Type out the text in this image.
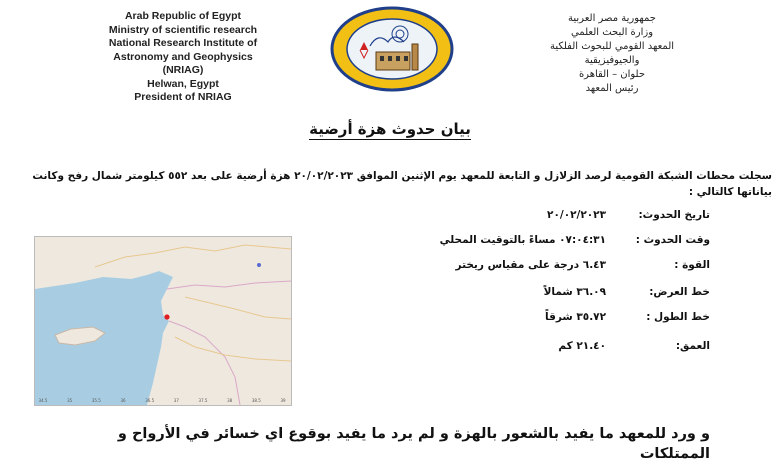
Arab Republic of Egypt
Ministry of scientific research
National Research Institute of
Astronomy and Geophysics
(NRIAG)
Helwan, Egypt
President of NRIAG
جمهورية مصر العربية
وزارة البحث العلمي
المعهد القومي للبحوث الفلكية
والجيوفيزيقية
حلوان – القاهرة
رئيس المعهد
بيان حدوث هزة أرضية
سجلت محطات الشبكة القومية لرصد الزلازل و التابعة للمعهد يوم الإثنين الموافق ٢٠/٠٢/٢٠٢٣ هزة أرضية على بعد ٥٥٢ كيلومتر شمال رفح وكانت بياناتها كالتالي :
تاريخ الحدوث:
٢٠/٠٢/٢٠٢٣
وقت الحدوث :
٠٧:٠٤:٣١ مساءً بالتوقيت المحلي
القوة :
٦.٤٣ درجة على مقياس ريختر
خط العرض:
٣٦.٠٩ شمالاً
خط الطول :
٣٥.٧٢ شرقاً
العمق:
٢١.٤٠ كم
34.5	35	35.5	36	36.5	37	37.5	38	38.5	39
و ورد للمعهد ما يفيد بالشعور بالهزة و لم يرد ما يفيد بوقوع اي خسائر في الأرواح و الممتلكات
